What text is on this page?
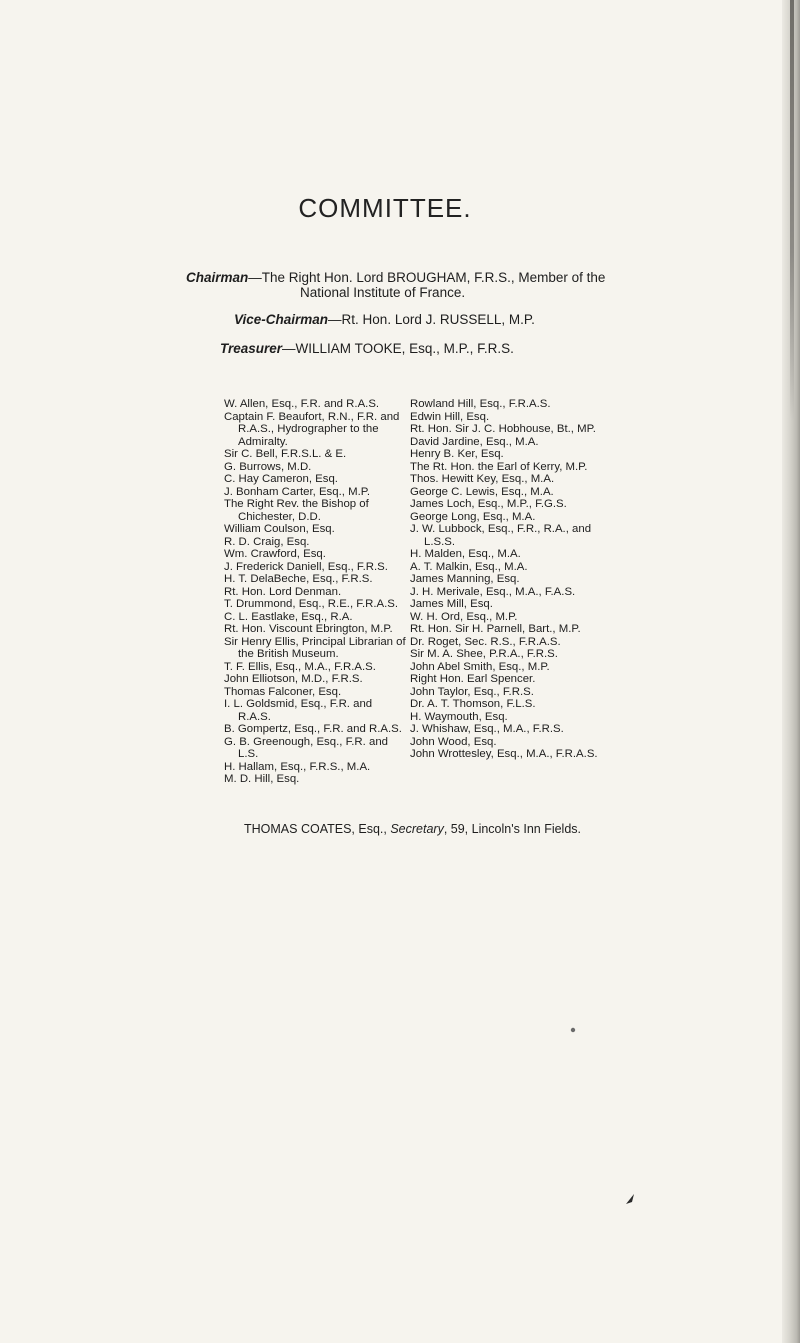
COMMITTEE.
Chairman—The Right Hon. Lord BROUGHAM, F.R.S., Member of the
National Institute of France.
Vice-Chairman—Rt. Hon. Lord J. RUSSELL, M.P.
Treasurer—WILLIAM TOOKE, Esq., M.P., F.R.S.
W. Allen, Esq., F.R. and R.A.S.
Captain F. Beaufort, R.N., F.R. and R.A.S., Hydrographer to the Admiralty.
Sir C. Bell, F.R.S.L. & E.
G. Burrows, M.D.
C. Hay Cameron, Esq.
J. Bonham Carter, Esq., M.P.
The Right Rev. the Bishop of Chichester, D.D.
William Coulson, Esq.
R. D. Craig, Esq.
Wm. Crawford, Esq.
J. Frederick Daniell, Esq., F.R.S.
H. T. DelaBeche, Esq., F.R.S.
Rt. Hon. Lord Denman.
T. Drummond, Esq., R.E., F.R.A.S.
C. L. Eastlake, Esq., R.A.
Rt. Hon. Viscount Ebrington, M.P.
Sir Henry Ellis, Principal Librarian of the British Museum.
T. F. Ellis, Esq., M.A., F.R.A.S.
John Elliotson, M.D., F.R.S.
Thomas Falconer, Esq.
I. L. Goldsmid, Esq., F.R. and R.A.S.
B. Gompertz, Esq., F.R. and R.A.S.
G. B. Greenough, Esq., F.R. and L.S.
H. Hallam, Esq., F.R.S., M.A.
M. D. Hill, Esq.
Rowland Hill, Esq., F.R.A.S.
Edwin Hill, Esq.
Rt. Hon. Sir J. C. Hobhouse, Bt., MP.
David Jardine, Esq., M.A.
Henry B. Ker, Esq.
The Rt. Hon. the Earl of Kerry, M.P.
Thos. Hewitt Key, Esq., M.A.
George C. Lewis, Esq., M.A.
James Loch, Esq., M.P., F.G.S.
George Long, Esq., M.A.
J. W. Lubbock, Esq., F.R., R.A., and L.S.S.
H. Malden, Esq., M.A.
A. T. Malkin, Esq., M.A.
James Manning, Esq.
J. H. Merivale, Esq., M.A., F.A.S.
James Mill, Esq.
W. H. Ord, Esq., M.P.
Rt. Hon. Sir H. Parnell, Bart., M.P.
Dr. Roget, Sec. R.S., F.R.A.S.
Sir M. A. Shee, P.R.A., F.R.S.
John Abel Smith, Esq., M.P.
Right Hon. Earl Spencer.
John Taylor, Esq., F.R.S.
Dr. A. T. Thomson, F.L.S.
H. Waymouth, Esq.
J. Whishaw, Esq., M.A., F.R.S.
John Wood, Esq.
John Wrottesley, Esq., M.A., F.R.A.S.
THOMAS COATES, Esq., Secretary, 59, Lincoln's Inn Fields.
